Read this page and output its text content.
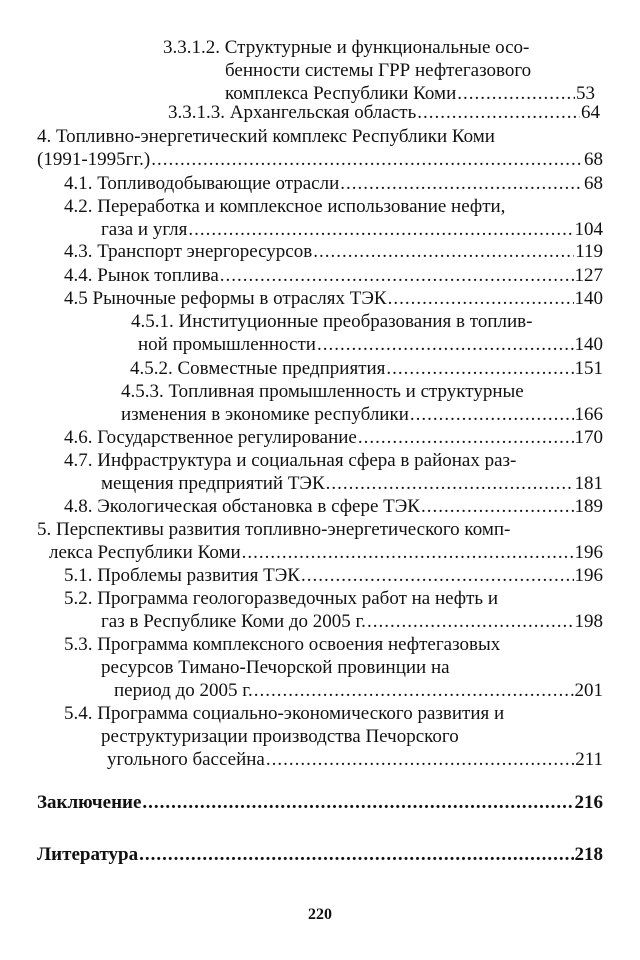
3.3.1.2. Структурные и функциональные осо-
бенности системы ГРР нефтегазового
комплекса Республики Коми .....	53
3.3.1.3. Архангельская область .....	64
4. Топливно-энергетический комплекс Республики Коми
(1991-1995гг.) .....	68
4.1. Топливодобывающие отрасли .....	68
4.2. Переработка и комплексное использование нефти,
газа и угля .....	104
4.3. Транспорт энергоресурсов .....	119
4.4. Рынок топлива .....	127
4.5 Рыночные реформы в отраслях ТЭК .....	140
4.5.1. Институционные преобразования в топлив-
ной промышленности .....	140
4.5.2. Совместные предприятия .....	151
4.5.3. Топливная промышленность и структурные
изменения в экономике республики .....	166
4.6. Государственное регулирование .....	170
4.7. Инфраструктура и социальная сфера в районах раз-
мещения предприятий ТЭК .....	181
4.8. Экологическая обстановка в сфере ТЭК .....	189
5. Перспективы развития топливно-энергетического комп-
лекса Республики Коми .....	196
5.1. Проблемы развития ТЭК .....	196
5.2. Программа геологоразведочных работ на нефть и
газ в Республике Коми до 2005 г. .....	198
5.3. Программа комплексного освоения нефтегазовых
ресурсов Тимано-Печорской провинции на
период до 2005 г. .....	201
5.4. Программа социально-экономического развития и
реструктуризации производства Печорского
угольного бассейна .....	211
Заключение .....	216
Литература .....	218
220
